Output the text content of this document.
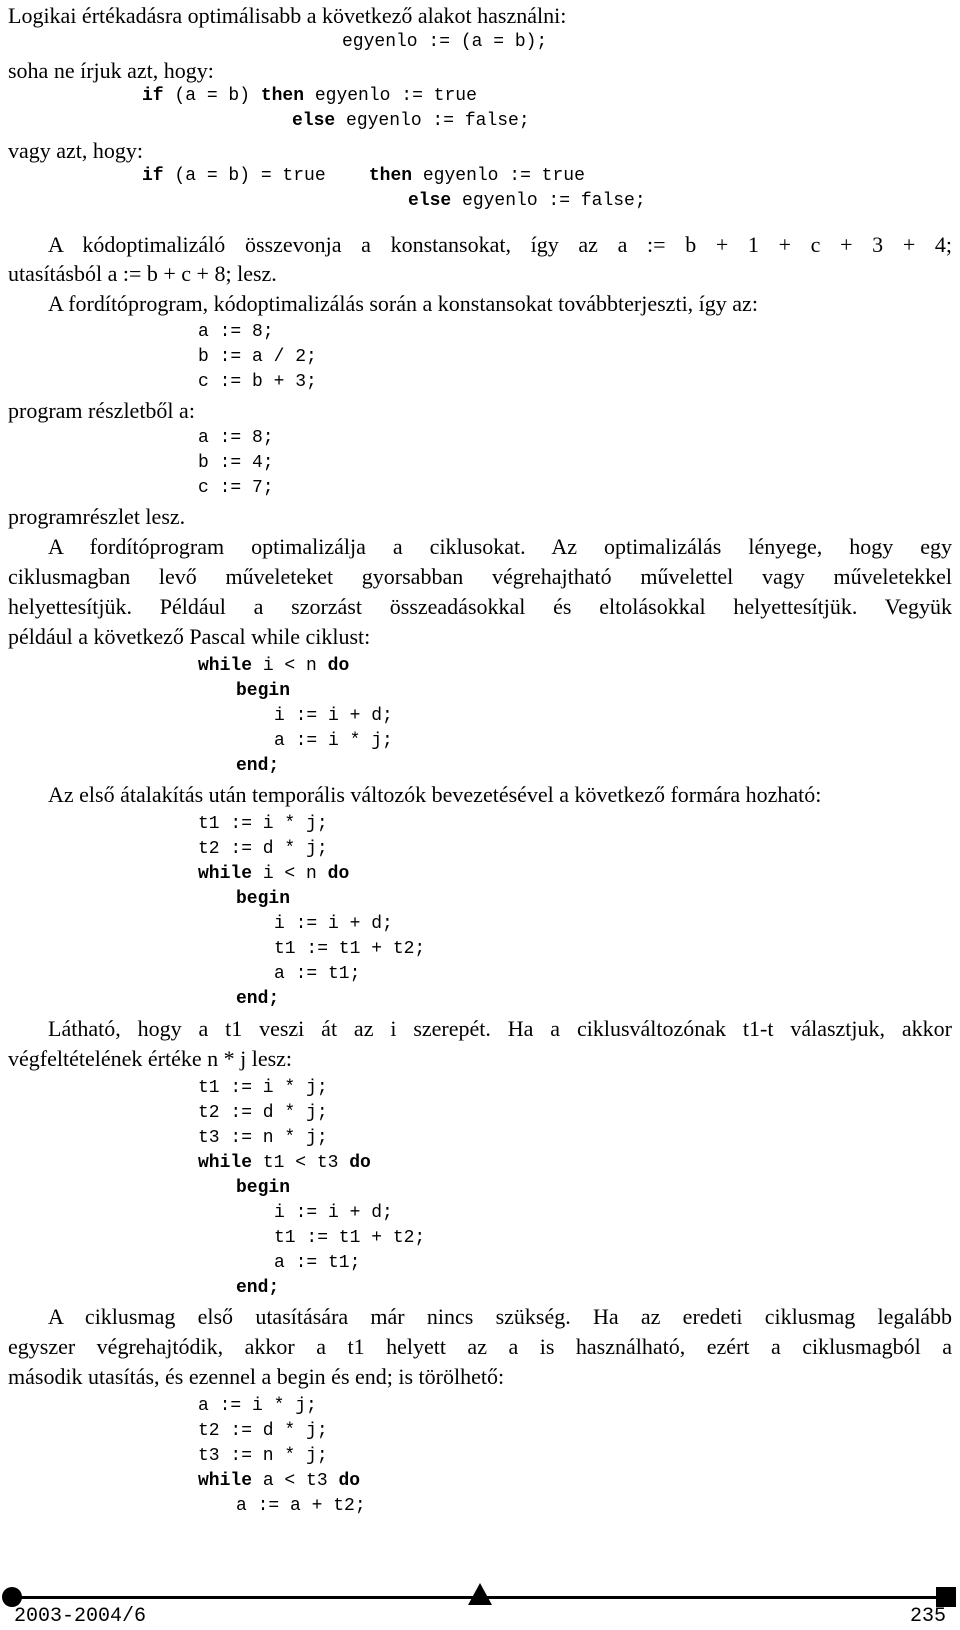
Logikai értékadásra optimálisabb a következő alakot használni:
egyenlo := (a = b);
soha ne írjuk azt, hogy:
if (a = b) then egyenlo := true
else egyenlo := false;
vagy azt, hogy:
if (a = b) = true    then egyenlo := true
else egyenlo := false;
A kódoptimalizáló összevonja a konstansokat, így az a := b + 1 + c + 3 + 4;
utasításból a := b + c + 8; lesz.
A fordítóprogram, kódoptimalizálás során a konstansokat továbbterjeszti, így az:
a := 8;
b := a / 2;
c := b + 3;
program részletből a:
a := 8;
b := 4;
c := 7;
programrészlet lesz.
A fordítóprogram optimalizálja a ciklusokat. Az optimalizálás lényege, hogy egy
ciklusmagban levő műveleteket gyorsabban végrehajtható művelettel vagy műveletekkel
helyettesítjük. Például a szorzást összeadásokkal és eltolásokkal helyettesítjük. Vegyük
például a következő Pascal while ciklust:
while i < n do
begin
i := i + d;
a := i * j;
end;
Az első átalakítás után temporális változók bevezetésével a következő formára hozható:
t1 := i * j;
t2 := d * j;
while i < n do
begin
i := i + d;
t1 := t1 + t2;
a := t1;
end;
Látható, hogy a t1 veszi át az i szerepét. Ha a ciklusváltozónak t1-t választjuk, akkor
végfeltételének értéke n * j lesz:
t1 := i * j;
t2 := d * j;
t3 := n * j;
while t1 < t3 do
begin
i := i + d;
t1 := t1 + t2;
a := t1;
end;
A ciklusmag első utasítására már nincs szükség. Ha az eredeti ciklusmag legalább
egyszer végrehajtódik, akkor a t1 helyett az a is használható, ezért a ciklusmagból a
második utasítás, és ezennel a begin és end; is törölhető:
a := i * j;
t2 := d * j;
t3 := n * j;
while a < t3 do
a := a + t2;
2003-2004/6	235
